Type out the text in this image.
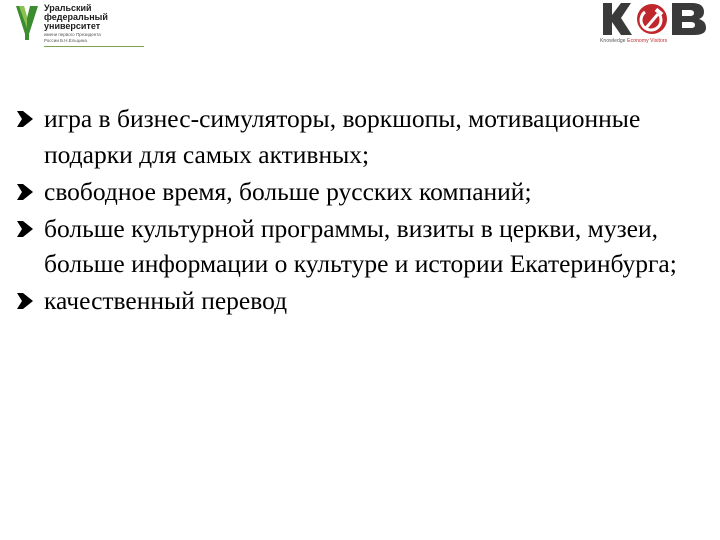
Уральский
федеральный
университет
имени первого Президента
России Б.Н.Ельцина	Knowledge Economy Visitors
игра в бизнес-симуляторы, воркшопы, мотивационные подарки для самых активных;
свободное время, больше русских компаний;
больше культурной программы, визиты в церкви, музеи, больше информации о культуре и истории Екатеринбурга;
качественный перевод
